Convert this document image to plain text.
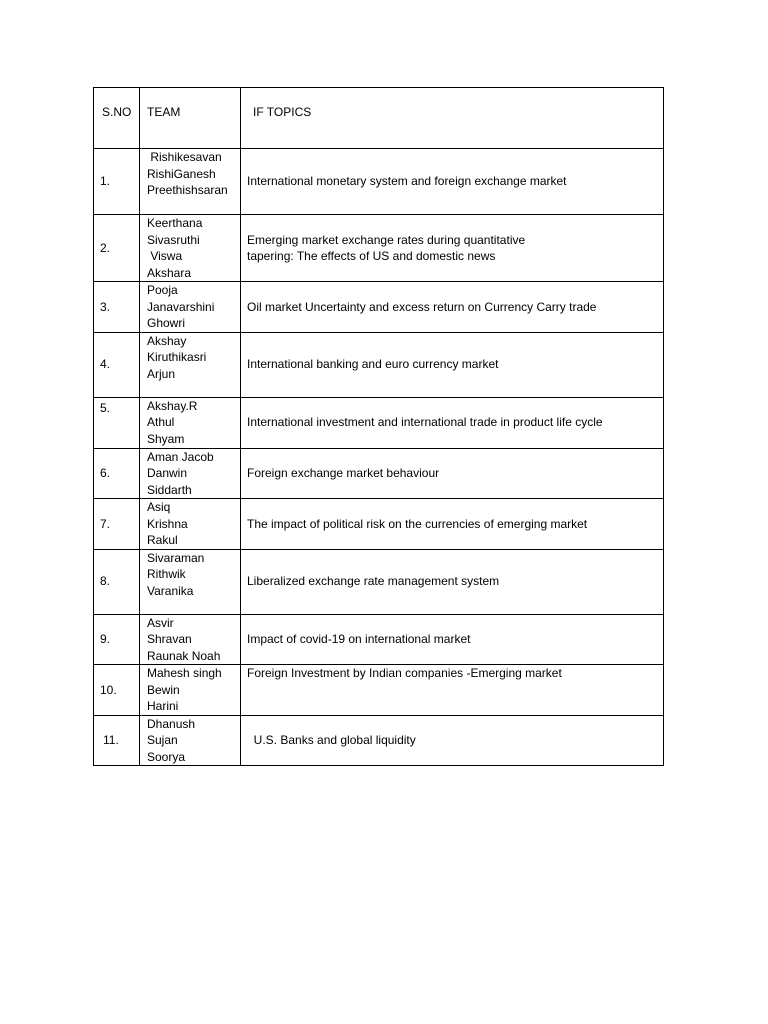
S.NO	TEAM	IF TOPICS
1.	Rishikesavan
RishiGanesh
Preethishsaran	International monetary system and foreign exchange market
2.	Keerthana
Sivasruthi
Viswa
Akshara	Emerging market exchange rates during quantitative
tapering: The effects of US and domestic news

3.	Pooja
Janavarshini
Ghowri	Oil market Uncertainty and excess return on Currency Carry trade
4.	Akshay
Kiruthikasri
Arjun	International banking and euro currency market
5.	Akshay.R
Athul
Shyam	International investment and international trade in product life cycle
6.	Aman Jacob
Danwin
Siddarth	Foreign exchange market behaviour
7.	Asiq
Krishna
Rakul	The impact of political risk on the currencies of emerging market
8.	Sivaraman
Rithwik
Varanika	Liberalized exchange rate management system
9.	Asvir
Shravan
Raunak Noah	Impact of covid-19 on international market
10.	Mahesh singh
Bewin
Harini	Foreign Investment by Indian companies -Emerging market
11.	Dhanush
Sujan
Soorya	U.S. Banks and global liquidity
